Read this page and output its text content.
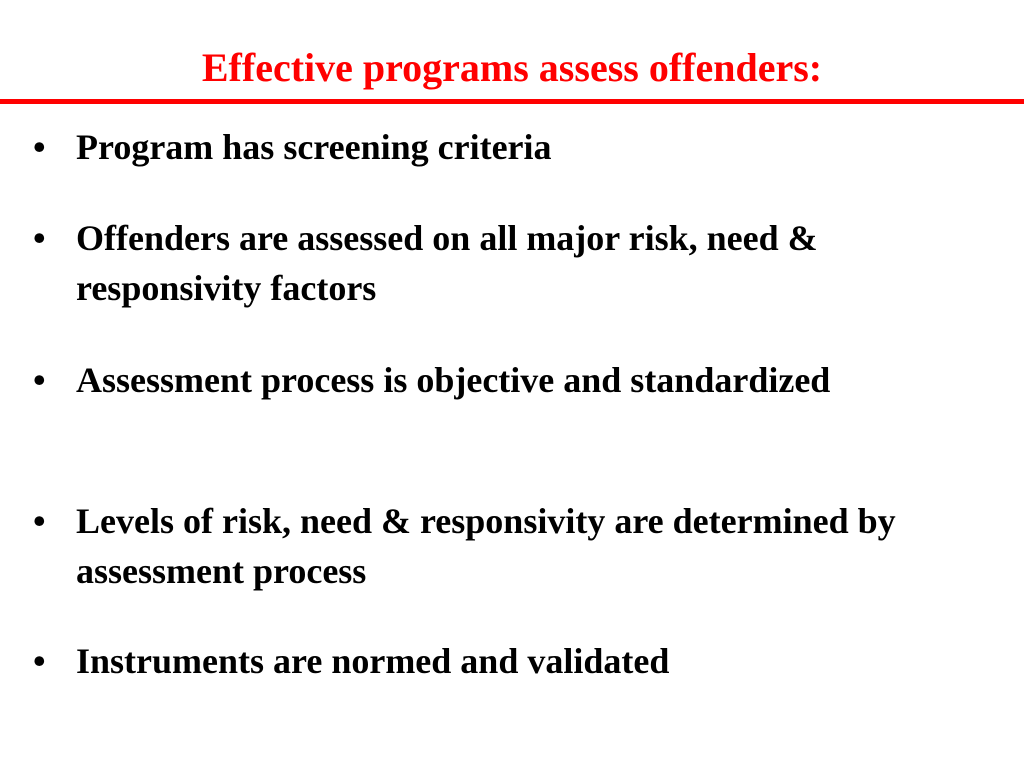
Effective programs assess offenders:
• Program has screening criteria
• Offenders are assessed on all major risk, need & responsivity factors
• Assessment process is objective and standardized
• Levels of risk, need & responsivity are determined by assessment process
• Instruments are normed and validated
